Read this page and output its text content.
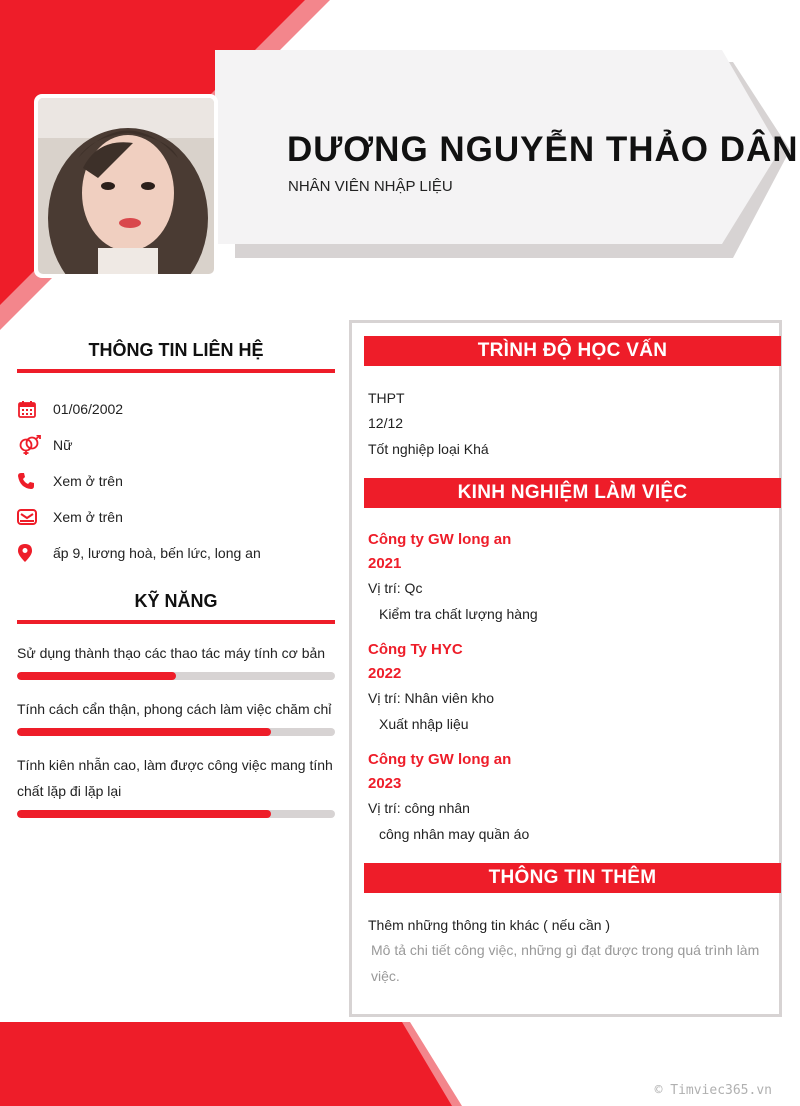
DƯƠNG NGUYỄN THẢO DÂN
NHÂN VIÊN NHẬP LIỆU
THÔNG TIN LIÊN HỆ
01/06/2002
Nữ
Xem ở trên
Xem ở trên
ấp 9, lương hoà, bến lức, long an
KỸ NĂNG
Sử dụng thành thạo các thao tác máy tính cơ bản
Tính cách cẩn thận, phong cách làm việc chăm chỉ
Tính kiên nhẫn cao, làm được công việc mang tính chất lặp đi lặp lại
TRÌNH ĐỘ HỌC VẤN
THPT
12/12
Tốt nghiệp loại Khá
KINH NGHIỆM LÀM VIỆC
Công ty GW long an
2021
Vị trí: Qc
Kiểm tra chất lượng hàng
Công Ty HYC
2022
Vị trí: Nhân viên kho
Xuất nhập liệu
Công ty GW long an
2023
Vị trí: công nhân
công nhân may quần áo
THÔNG TIN THÊM
Thêm những thông tin khác ( nếu cần )
Mô tả chi tiết công việc, những gì đạt được trong quá trình làm việc.
© Timviec365.vn
